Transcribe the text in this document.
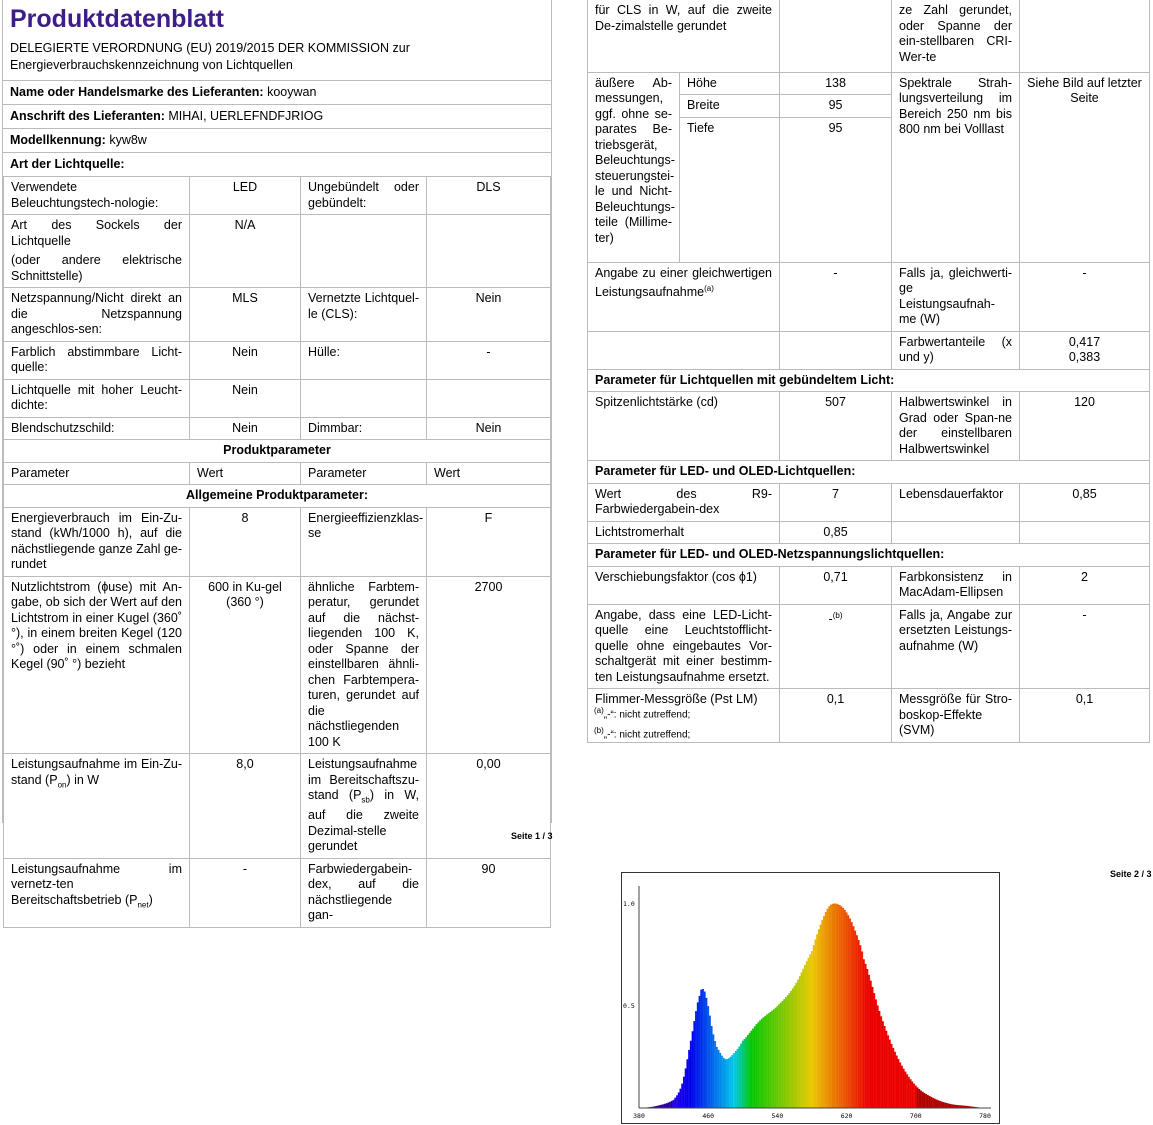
Produktdatenblatt
DELEGIERTE VERORDNUNG (EU) 2019/2015 DER KOMMISSION zur
Energieverbrauchskennzeichnung von Lichtquellen
Name oder Handelsmarke des Lieferanten: kooywan
Anschrift des Lieferanten: MIHAI, UERLEFNDFJRIOG
Modellkennung: kyw8w
Art der Lichtquelle:
Verwendete Beleuchtungstech-nologie:	LED	Ungebündelt oder gebündelt:	DLS

Art des Sockels der Lichtquelle
(oder andere elektrische Schnittstelle)	N/A		
Netzspannung/Nicht direkt an die Netzspannung angeschlos-sen:	MLS	Vernetzte Lichtquel-le (CLS):	Nein
Farblich abstimmbare Licht-quelle:	Nein	Hülle:	-
Lichtquelle mit hoher Leucht-dichte:	Nein		
Blendschutzschild:	Nein	Dimmbar:	Nein
Produktparameter			
Parameter	Wert	Parameter	Wert
Allgemeine Produktparameter:			
Energieverbrauch im Ein-Zu-stand (kWh/1000 h), auf die nächstliegende ganze Zahl ge-rundet	8	Energieeffizienzklas-se	F
Nutzlichtstrom (ɸuse) mit An-gabe, ob sich der Wert auf den Lichtstrom in einer Kugel (360˚ °), in einem breiten Kegel (120 °˚) oder in einem schmalen Kegel (90˚ °) bezieht	600 in Ku-gel (360 °)	ähnliche Farbtem-peratur, gerundet auf die nächst-liegenden 100 K, oder Spanne der einstellbaren ähnli-chen Farbtempera-turen, gerundet auf die nächstliegenden 100 K	2700
Leistungsaufnahme im Ein-Zu-stand $(P_{on})$ in W	8,0	Leistungsaufnahme im Bereitschaftszu-stand $(P_{sb})$ in W, auf die zweite Dezimal-stelle gerundet	0,00
Leistungsaufnahme im vernetz-ten Bereitschaftsbetrieb $(P_{net})$	-	Farbwiedergabein-dex, auf die nächstliegende gan-	90
Seite 1 / 3
für CLS in W, auf die zweite De-zimalstelle gerundet			ze Zahl gerundet, oder Spanne der ein-stellbaren CRI-Wer-te	
äußere Ab-messungen, ggf. ohne se-parates Be-triebsgerät, Beleuchtungs-steuerungstei-le und Nicht-Beleuchtungs-teile (Millime-ter)	Höhe	138	Spektrale Strah-lungsverteilung im Bereich 250 nm bis 800 nm bei Volllast	Siehe Bild auf letzter Seite
	Breite	95		
	Tiefe	95		
Angabe zu einer gleichwertigen Leistungsaufnahme$^{(a)}$		-	Falls ja, gleichwerti-ge Leistungsaufnah-me (W)	-
			Farbwertanteile (x und y)	0,417
0,383

Parameter für Lichtquellen mit gebündeltem Licht:				
Spitzenlichtstärke (cd)		507	Halbwertswinkel in Grad oder Span-ne der einstellbaren Halbwertswinkel	120
Parameter für LED- und OLED-Lichtquellen:				
Wert des R9-Farbwiedergabein-dex		7	Lebensdauerfaktor	0,85
Lichtstromerhalt		0,85		
Parameter für LED- und OLED-Netzspannungslichtquellen:				
Verschiebungsfaktor (cos ϕ1)		0,71	Farbkonsistenz in MacAdam-Ellipsen	2
Angabe, dass eine LED-Licht-quelle eine Leuchtstofflicht-quelle ohne eingebautes Vor-schaltgerät mit einer bestimm-ten Leistungsaufnahme ersetzt.		-$^{(b)}$	Falls ja, Angabe zur ersetzten Leistungs-aufnahme (W)	-
Flimmer-Messgröße (Pst LM)		0,1	Messgröße für Stro-boskop-Effekte (SVM)	0,1
$^{(a)}$„-“: nicht zutreffend;
$^{(b)}$„-“: nicht zutreffend;
Seite 2 / 3
380	460	540	620	700	780
0.5
1.0
